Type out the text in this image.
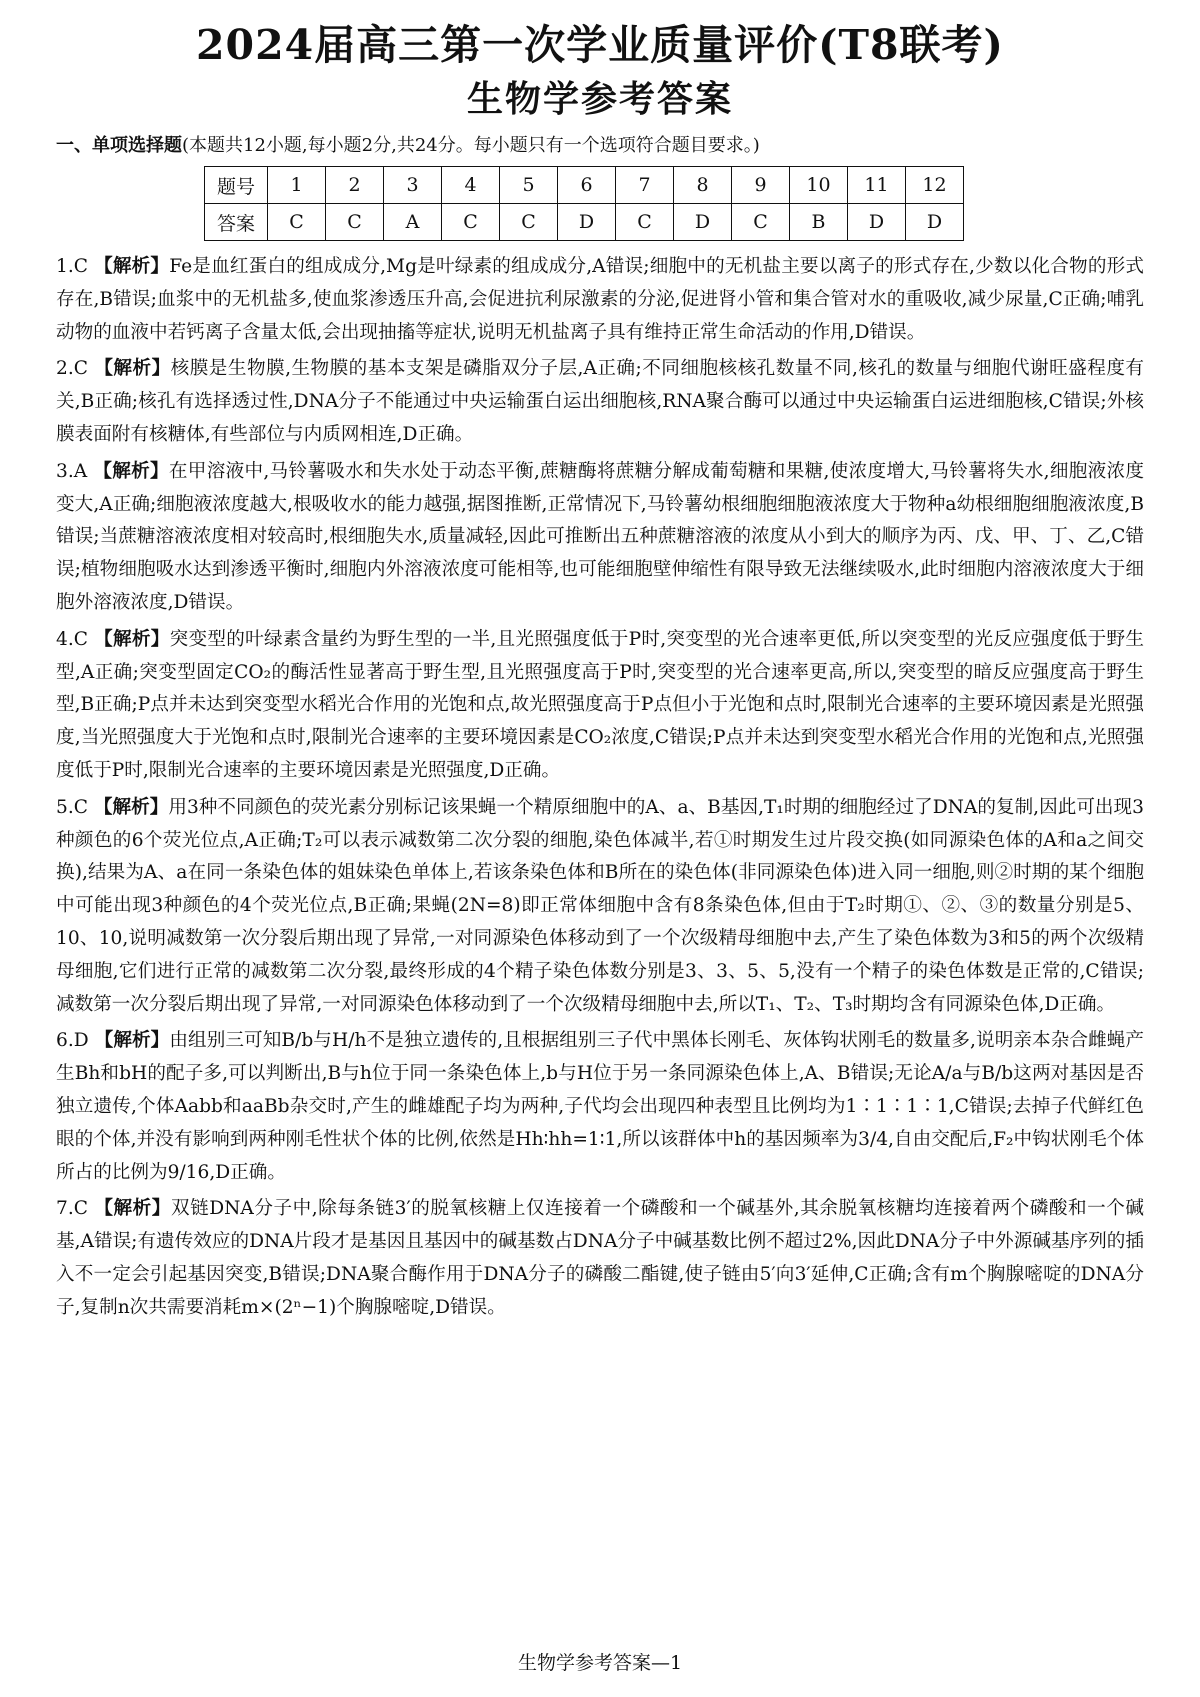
2024届高三第一次学业质量评价(T8联考)
生物学参考答案
一、单项选择题(本题共12小题,每小题2分,共24分。每小题只有一个选项符合题目要求。)
题号	1	2	3	4	5	6	7	8	9	10	11	12
答案	C	C	A	C	C	D	C	D	C	B	D	D

1.C 【解析】Fe是血红蛋白的组成成分,Mg是叶绿素的组成成分,A错误;细胞中的无机盐主要以离子的形式存在,少数以化合物的形式存在,B错误;血浆中的无机盐多,使血浆渗透压升高,会促进抗利尿激素的分泌,促进肾小管和集合管对水的重吸收,减少尿量,C正确;哺乳动物的血液中若钙离子含量太低,会出现抽搐等症状,说明无机盐离子具有维持正常生命活动的作用,D错误。

2.C 【解析】核膜是生物膜,生物膜的基本支架是磷脂双分子层,A正确;不同细胞核核孔数量不同,核孔的数量与细胞代谢旺盛程度有关,B正确;核孔有选择透过性,DNA分子不能通过中央运输蛋白运出细胞核,RNA聚合酶可以通过中央运输蛋白运进细胞核,C错误;外核膜表面附有核糖体,有些部位与内质网相连,D正确。

3.A 【解析】在甲溶液中,马铃薯吸水和失水处于动态平衡,蔗糖酶将蔗糖分解成葡萄糖和果糖,使浓度增大,马铃薯将失水,细胞液浓度变大,A正确;细胞液浓度越大,根吸收水的能力越强,据图推断,正常情况下,马铃薯幼根细胞细胞液浓度大于物种a幼根细胞细胞液浓度,B错误;当蔗糖溶液浓度相对较高时,根细胞失水,质量减轻,因此可推断出五种蔗糖溶液的浓度从小到大的顺序为丙、戊、甲、丁、乙,C错误;植物细胞吸水达到渗透平衡时,细胞内外溶液浓度可能相等,也可能细胞壁伸缩性有限导致无法继续吸水,此时细胞内溶液浓度大于细胞外溶液浓度,D错误。

4.C 【解析】突变型的叶绿素含量约为野生型的一半,且光照强度低于P时,突变型的光合速率更低,所以突变型的光反应强度低于野生型,A正确;突变型固定CO₂的酶活性显著高于野生型,且光照强度高于P时,突变型的光合速率更高,所以,突变型的暗反应强度高于野生型,B正确;P点并未达到突变型水稻光合作用的光饱和点,故光照强度高于P点但小于光饱和点时,限制光合速率的主要环境因素是光照强度,当光照强度大于光饱和点时,限制光合速率的主要环境因素是CO₂浓度,C错误;P点并未达到突变型水稻光合作用的光饱和点,光照强度低于P时,限制光合速率的主要环境因素是光照强度,D正确。

5.C 【解析】用3种不同颜色的荧光素分别标记该果蝇一个精原细胞中的A、a、B基因,T₁时期的细胞经过了DNA的复制,因此可出现3种颜色的6个荧光位点,A正确;T₂可以表示减数第二次分裂的细胞,染色体减半,若①时期发生过片段交换(如同源染色体的A和a之间交换),结果为A、a在同一条染色体的姐妹染色单体上,若该条染色体和B所在的染色体(非同源染色体)进入同一细胞,则②时期的某个细胞中可能出现3种颜色的4个荧光位点,B正确;果蝇(2N=8)即正常体细胞中含有8条染色体,但由于T₂时期①、②、③的数量分别是5、10、10,说明减数第一次分裂后期出现了异常,一对同源染色体移动到了一个次级精母细胞中去,产生了染色体数为3和5的两个次级精母细胞,它们进行正常的减数第二次分裂,最终形成的4个精子染色体数分别是3、3、5、5,没有一个精子的染色体数是正常的,C错误;减数第一次分裂后期出现了异常,一对同源染色体移动到了一个次级精母细胞中去,所以T₁、T₂、T₃时期均含有同源染色体,D正确。

6.D 【解析】由组别三可知B/b与H/h不是独立遗传的,且根据组别三子代中黑体长刚毛、灰体钩状刚毛的数量多,说明亲本杂合雌蝇产生Bh和bH的配子多,可以判断出,B与h位于同一条染色体上,b与H位于另一条同源染色体上,A、B错误;无论A/a与B/b这两对基因是否独立遗传,个体Aabb和aaBb杂交时,产生的雌雄配子均为两种,子代均会出现四种表型且比例均为1∶1∶1∶1,C错误;去掉子代鲜红色眼的个体,并没有影响到两种刚毛性状个体的比例,依然是Hh∶hh=1∶1,所以该群体中h的基因频率为3/4,自由交配后,F₂中钩状刚毛个体所占的比例为9/16,D正确。

7.C 【解析】双链DNA分子中,除每条链3′的脱氧核糖上仅连接着一个磷酸和一个碱基外,其余脱氧核糖均连接着两个磷酸和一个碱基,A错误;有遗传效应的DNA片段才是基因且基因中的碱基数占DNA分子中碱基数比例不超过2%,因此DNA分子中外源碱基序列的插入不一定会引起基因突变,B错误;DNA聚合酶作用于DNA分子的磷酸二酯键,使子链由5′向3′延伸,C正确;含有m个胸腺嘧啶的DNA分子,复制n次共需要消耗m×(2ⁿ−1)个胸腺嘧啶,D错误。

生物学参考答案—1
